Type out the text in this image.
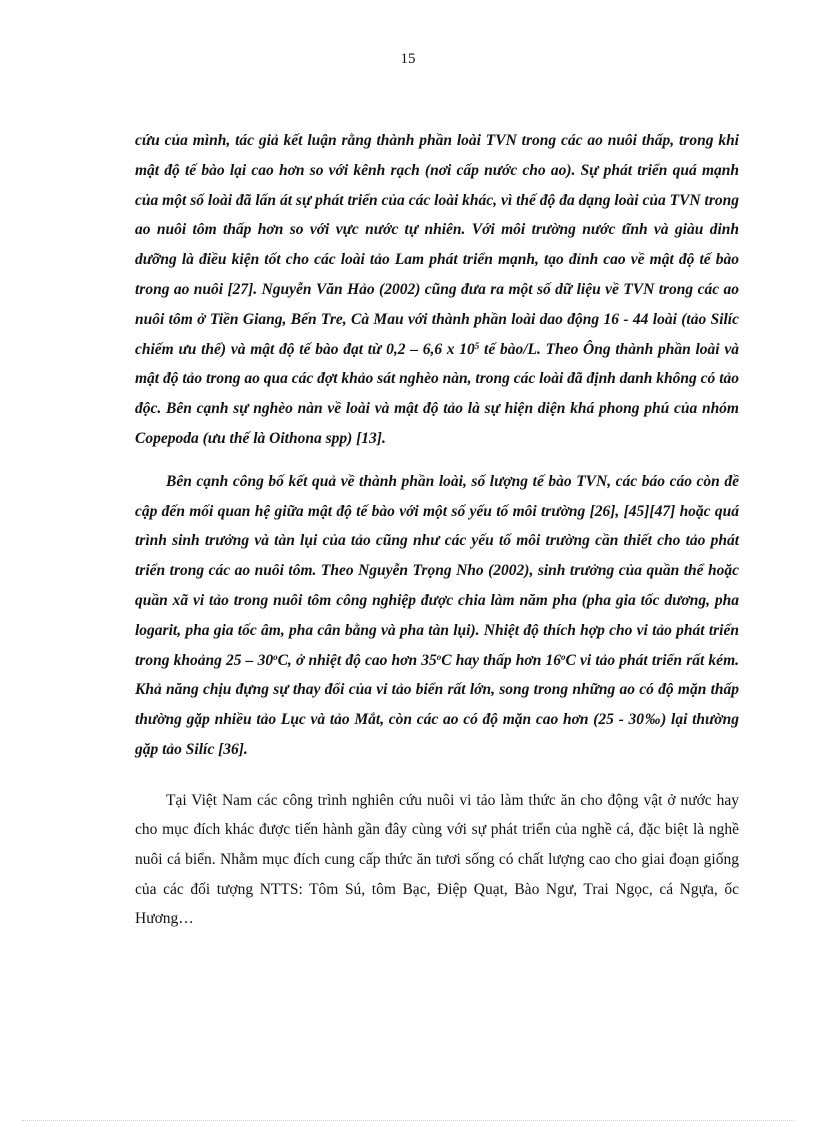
15

cứu của mình, tác giả kết luận rằng thành phần loài TVN trong các ao nuôi thấp, trong khi mật độ tế bào lại cao hơn so với kênh rạch (nơi cấp nước cho ao). Sự phát triển quá mạnh của một số loài đã lấn át sự phát triển của các loài khác, vì thế độ đa dạng loài của TVN trong ao nuôi tôm thấp hơn so với vực nước tự nhiên. Với môi trường nước tĩnh và giàu dinh dưỡng là điều kiện tốt cho các loài tảo Lam phát triển mạnh, tạo đỉnh cao về mật độ tế bào trong ao nuôi [27]. Nguyễn Văn Hảo (2002) cũng đưa ra một số dữ liệu về TVN trong các ao nuôi tôm ở Tiền Giang, Bến Tre, Cà Mau với thành phần loài dao động 16 - 44 loài (tảo Silíc chiếm ưu thế) và mật độ tế bào đạt từ 0,2 – 6,6 x $10^5$ tế bào/L. Theo Ông thành phần loài và mật độ tảo trong ao qua các đợt khảo sát nghèo nàn, trong các loài đã định danh không có tảo độc. Bên cạnh sự nghèo nàn về loài và mật độ tảo là sự hiện diện khá phong phú của nhóm Copepoda (ưu thế là Oithona spp) [13].

Bên cạnh công bố kết quả về thành phần loài, số lượng tế bào TVN, các báo cáo còn đề cập đến mối quan hệ giữa mật độ tế bào với một số yếu tố môi trường [26], [45][47] hoặc quá trình sinh trưởng và tàn lụi của tảo cũng như các yếu tố môi trường cần thiết cho tảo phát triển trong các ao nuôi tôm. Theo Nguyễn Trọng Nho (2002), sinh trưởng của quần thể hoặc quần xã vi tảo trong nuôi tôm công nghiệp được chia làm năm pha (pha gia tốc dương, pha logarit, pha gia tốc âm, pha cân bằng và pha tàn lụi). Nhiệt độ thích hợp cho vi tảo phát triển trong khoảng 25 – 30$^o$C, ở nhiệt độ cao hơn 35$^o$C hay thấp hơn 16$^o$C vi tảo phát triển rất kém. Khả năng chịu đựng sự thay đổi của vi tảo biển rất lớn, song trong những ao có độ mặn thấp thường gặp nhiều tảo Lục và tảo Mắt, còn các ao có độ mặn cao hơn (25 - 30‰) lại thường gặp tảo Silíc [36].

Tại Việt Nam các công trình nghiên cứu nuôi vi tảo làm thức ăn cho động vật ở nước hay cho mục đích khác được tiến hành gần đây cùng với sự phát triển của nghề cá, đặc biệt là nghề nuôi cá biển. Nhằm mục đích cung cấp thức ăn tươi sống có chất lượng cao cho giai đoạn giống của các đối tượng NTTS: Tôm Sú, tôm Bạc, Điệp Quạt, Bào Ngư, Trai Ngọc, cá Ngựa, ốc Hương…
